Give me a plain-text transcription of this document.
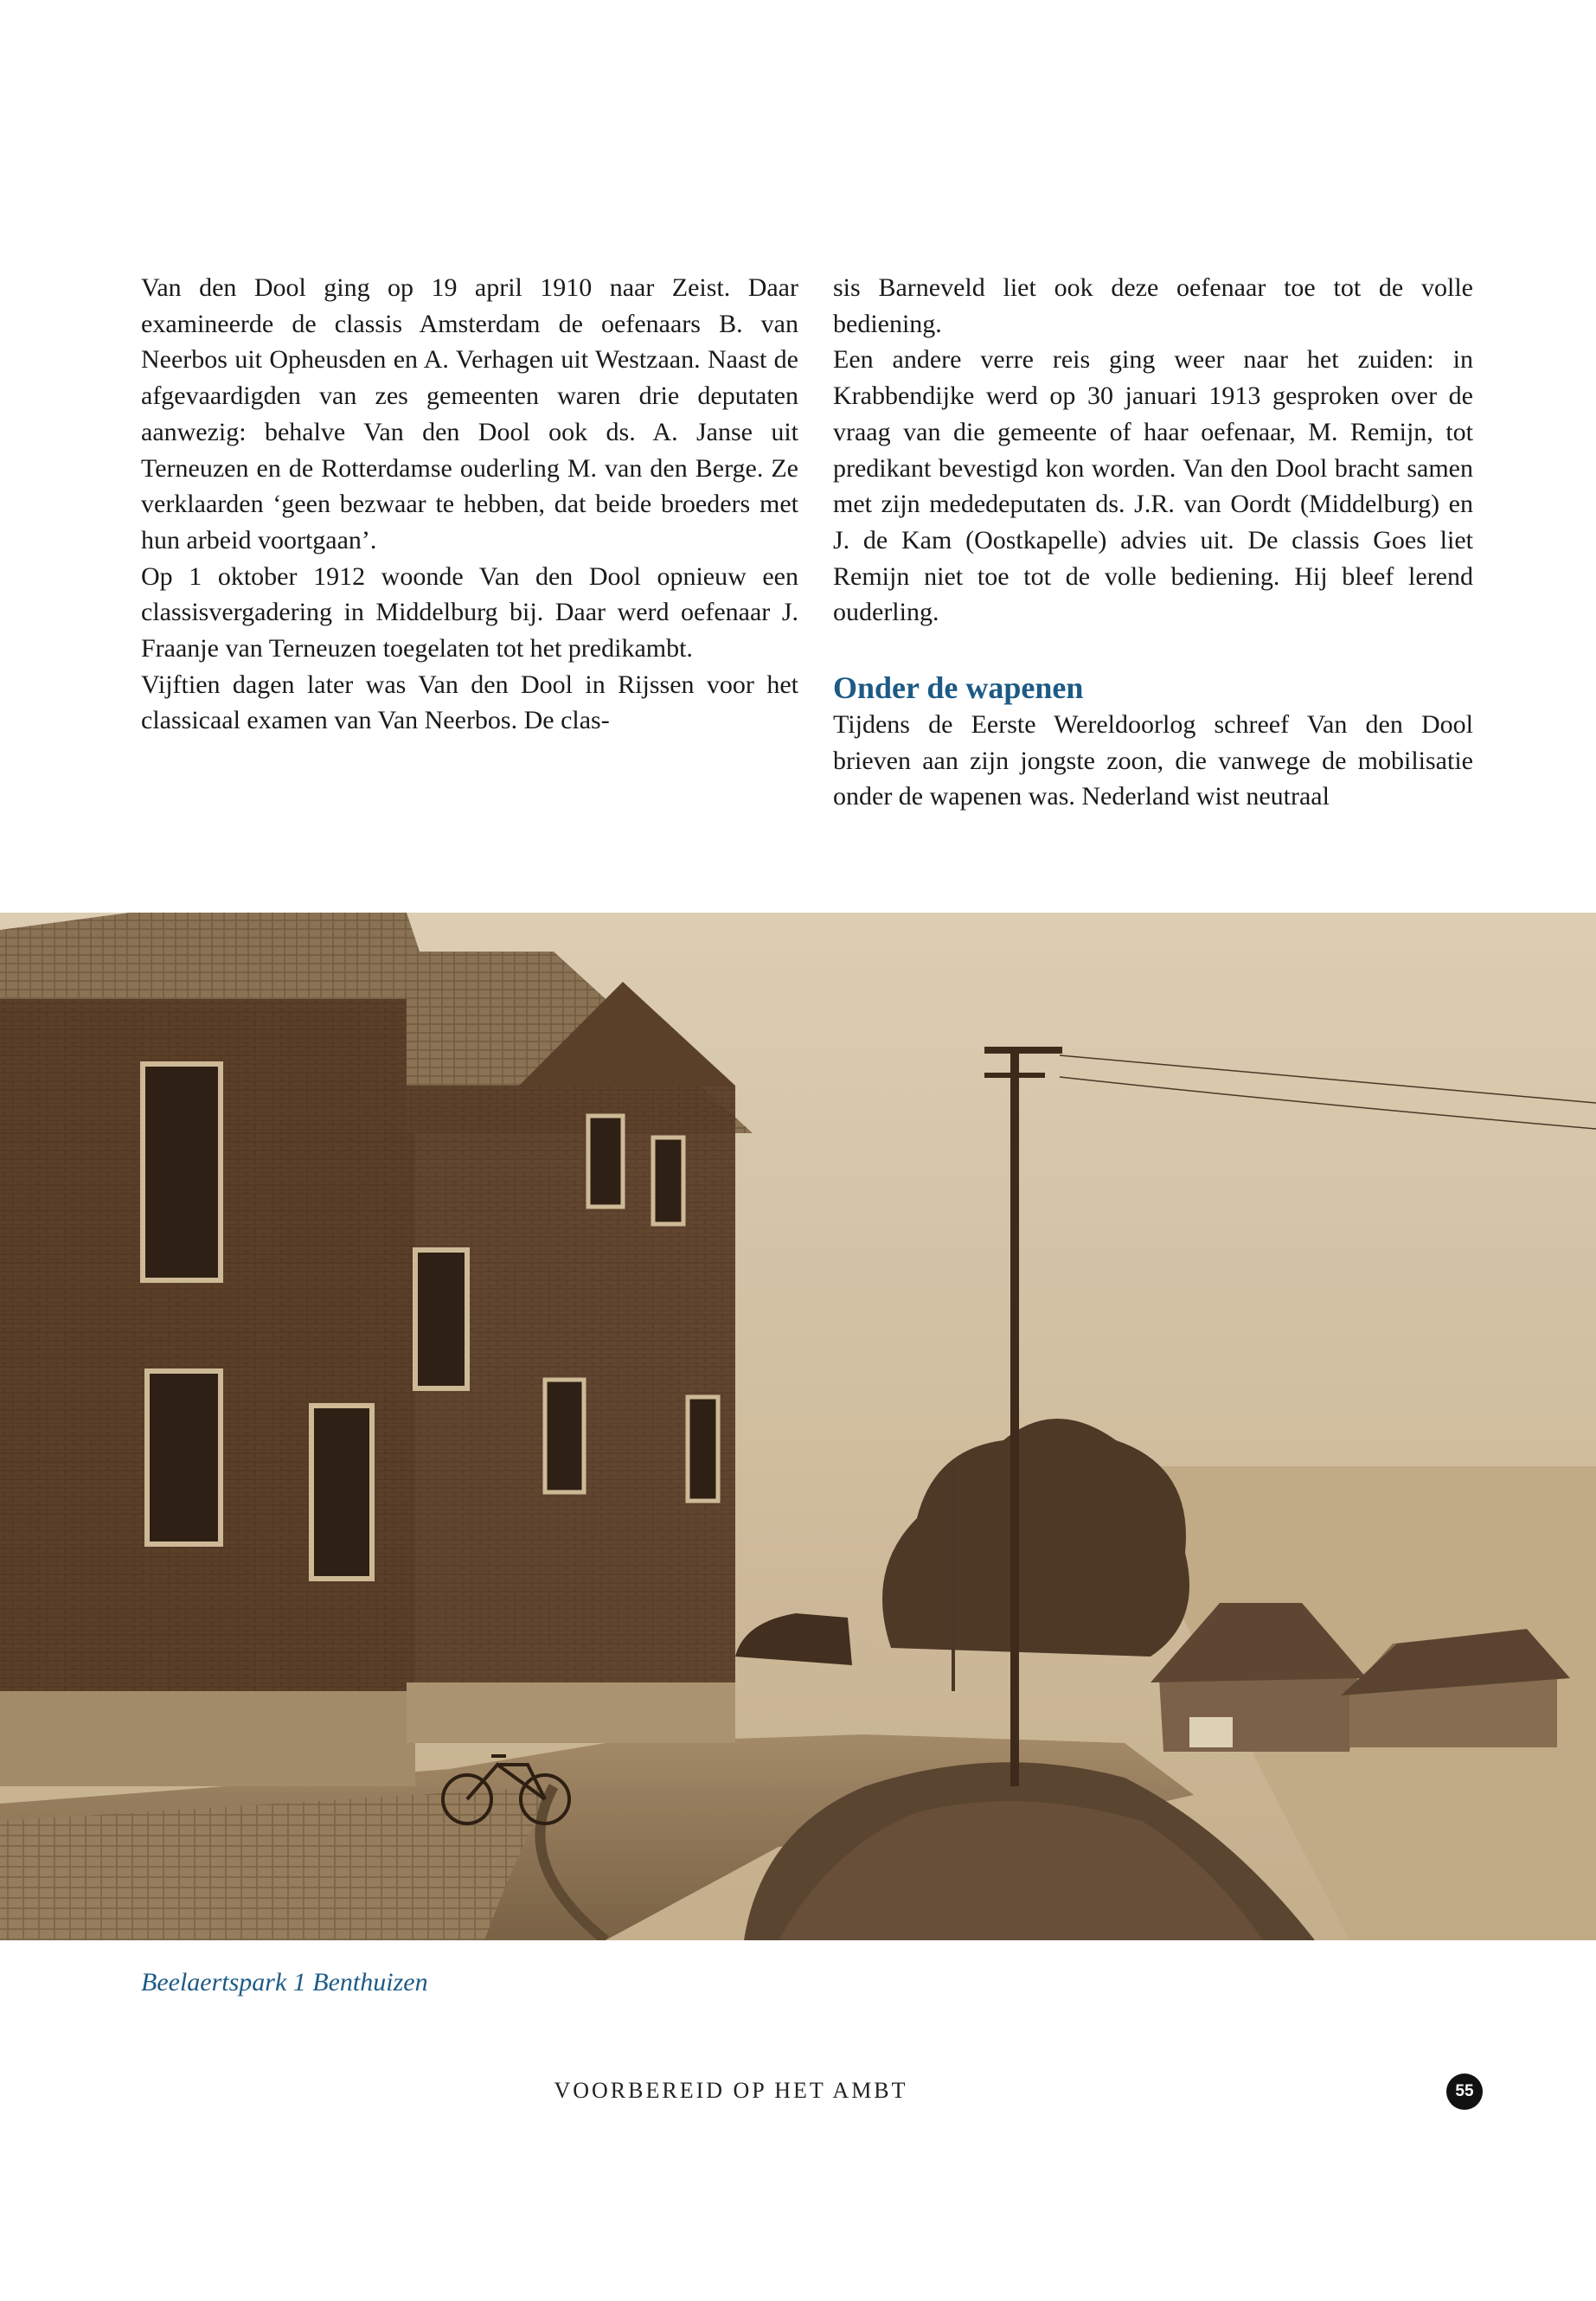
Van den Dool ging op 19 april 1910 naar Zeist. Daar examineerde de classis Amsterdam de oefenaars B. van Neerbos uit Opheusden en A. Verhagen uit Westzaan. Naast de afgevaardigden van zes gemeenten waren drie deputaten aanwezig: behalve Van den Dool ook ds. A. Janse uit Terneuzen en de Rotterdamse ouderling M. van den Berge. Ze verklaarden ‘geen bezwaar te hebben, dat beide broeders met hun arbeid voortgaan’.

Op 1 oktober 1912 woonde Van den Dool opnieuw een classisvergadering in Middelburg bij. Daar werd oefenaar J. Fraanje van Terneuzen toegelaten tot het predikambt.

Vijftien dagen later was Van den Dool in Rijssen voor het classicaal examen van Van Neerbos. De clas-

sis Barneveld liet ook deze oefenaar toe tot de volle bediening.

Een andere verre reis ging weer naar het zuiden: in Krabbendijke werd op 30 januari 1913 gesproken over de vraag van die gemeente of haar oefenaar, M. Remijn, tot predikant bevestigd kon worden. Van den Dool bracht samen met zijn mededeputaten ds. J.R. van Oordt (Middelburg) en J. de Kam (Oostkapelle) advies uit. De classis Goes liet Remijn niet toe tot de volle bediening. Hij bleef lerend ouderling.

Onder de wapenen

Tijdens de Eerste Wereldoorlog schreef Van den Dool brieven aan zijn jongste zoon, die vanwege de mobilisatie onder de wapenen was. Nederland wist neutraal

Beelaertspark 1 Benthuizen
VOORBEREID OP HET AMBT	55
